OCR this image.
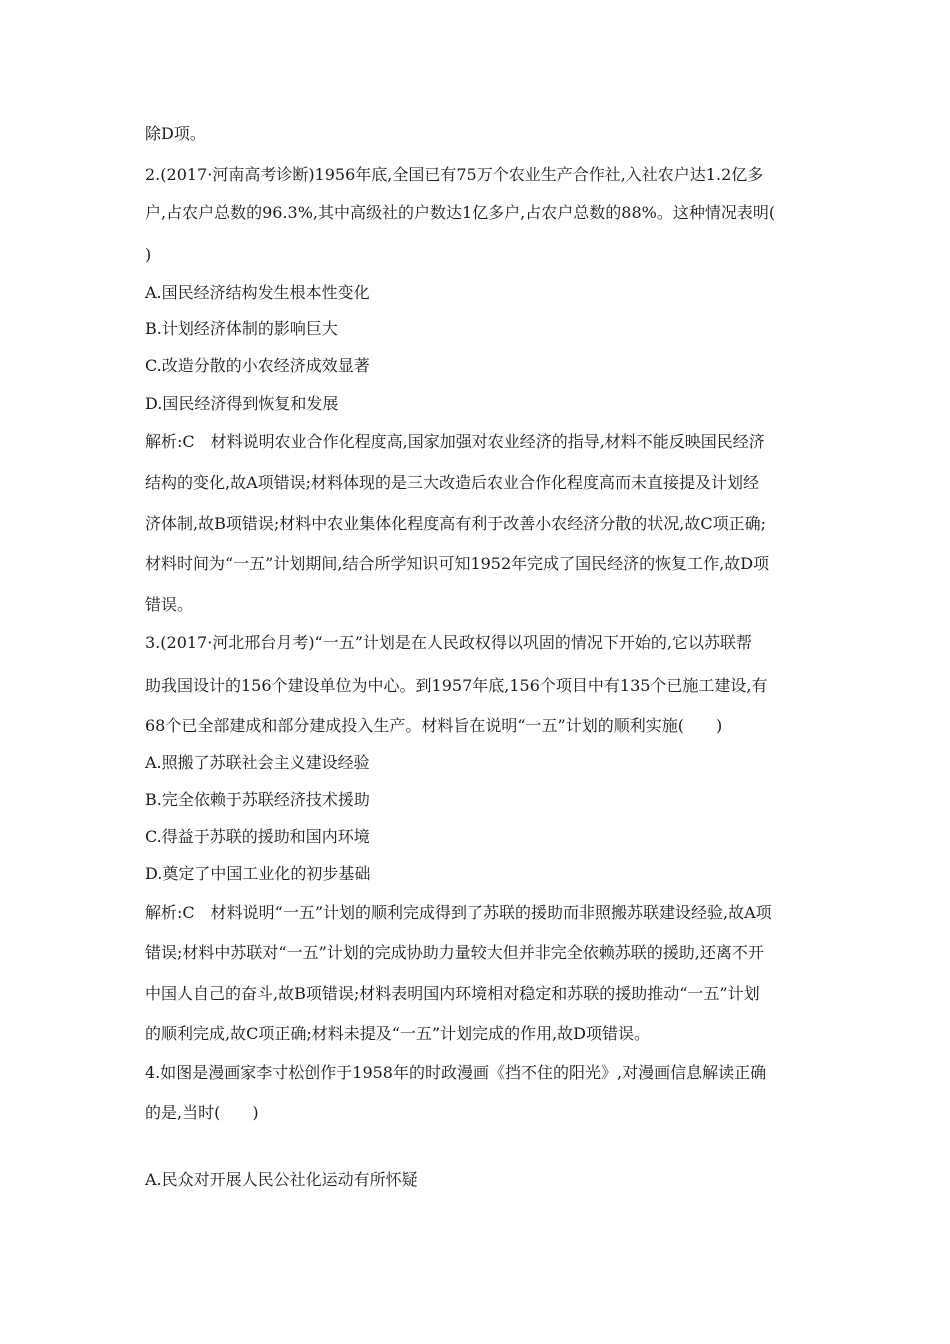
除D项。
2.(2017·河南高考诊断)1956年底,全国已有75万个农业生产合作社,入社农户达1.2亿多
户,占农户总数的96.3%,其中高级社的户数达1亿多户,占农户总数的88%。这种情况表明(
)
A.国民经济结构发生根本性变化
B.计划经济体制的影响巨大
C.改造分散的小农经济成效显著
D.国民经济得到恢复和发展
解析:C　材料说明农业合作化程度高,国家加强对农业经济的指导,材料不能反映国民经济
结构的变化,故A项错误;材料体现的是三大改造后农业合作化程度高而未直接提及计划经
济体制,故B项错误;材料中农业集体化程度高有利于改善小农经济分散的状况,故C项正确;
材料时间为“一五”计划期间,结合所学知识可知1952年完成了国民经济的恢复工作,故D项
错误。
3.(2017·河北邢台月考)“一五”计划是在人民政权得以巩固的情况下开始的,它以苏联帮
助我国设计的156个建设单位为中心。到1957年底,156个项目中有135个已施工建设,有
68个已全部建成和部分建成投入生产。材料旨在说明“一五”计划的顺利实施(　　)
A.照搬了苏联社会主义建设经验
B.完全依赖于苏联经济技术援助
C.得益于苏联的援助和国内环境
D.奠定了中国工业化的初步基础
解析:C　材料说明“一五”计划的顺利完成得到了苏联的援助而非照搬苏联建设经验,故A项
错误;材料中苏联对“一五”计划的完成协助力量较大但并非完全依赖苏联的援助,还离不开
中国人自己的奋斗,故B项错误;材料表明国内环境相对稳定和苏联的援助推动“一五”计划
的顺利完成,故C项正确;材料未提及“一五”计划完成的作用,故D项错误。
4.如图是漫画家李寸松创作于1958年的时政漫画《挡不住的阳光》,对漫画信息解读正确
的是,当时(　　)
A.民众对开展人民公社化运动有所怀疑
